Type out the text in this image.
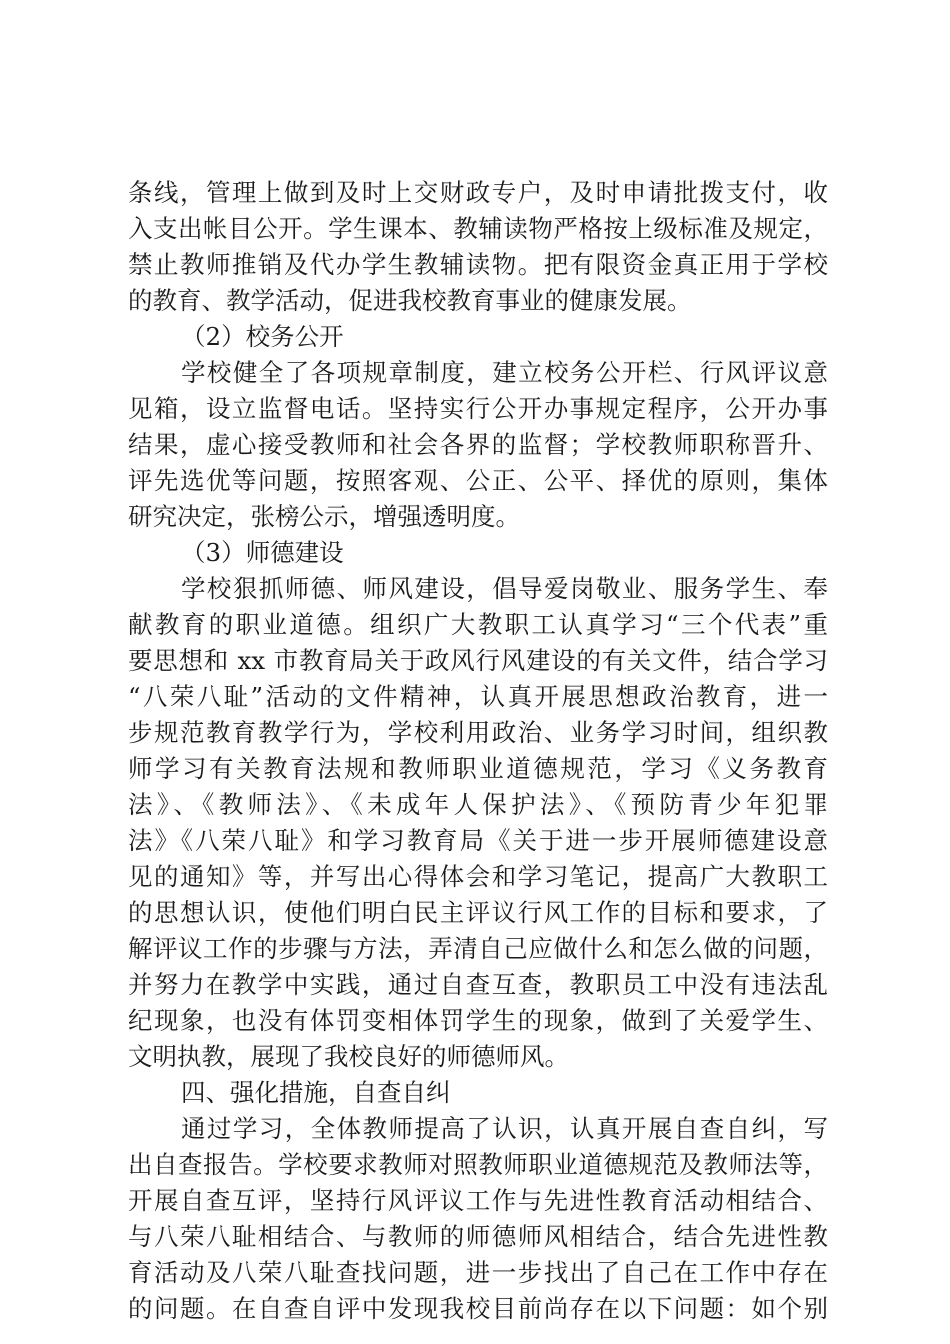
条线，管理上做到及时上交财政专户，及时申请批拨支付，收
入支出帐目公开。学生课本、教辅读物严格按上级标准及规定，
禁止教师推销及代办学生教辅读物。把有限资金真正用于学校
的教育、教学活动，促进我校教育事业的健康发展。
（2）校务公开
学校健全了各项规章制度，建立校务公开栏、行风评议意
见箱，设立监督电话。坚持实行公开办事规定程序，公开办事
结果，虚心接受教师和社会各界的监督；学校教师职称晋升、
评先选优等问题，按照客观、公正、公平、择优的原则，集体
研究决定，张榜公示，增强透明度。
（3）师德建设
学校狠抓师德、师风建设，倡导爱岗敬业、服务学生、奉
献教育的职业道德。组织广大教职工认真学习“三个代表”重
要思想和 xx 市教育局关于政风行风建设的有关文件，结合学习
“八荣八耻”活动的文件精神，认真开展思想政治教育，进一
步规范教育教学行为，学校利用政治、业务学习时间，组织教
师学习有关教育法规和教师职业道德规范，学习《义务教育
法》、《教师法》、《未成年人保护法》、《预防青少年犯罪
法》《八荣八耻》和学习教育局《关于进一步开展师德建设意
见的通知》等，并写出心得体会和学习笔记，提高广大教职工
的思想认识，使他们明白民主评议行风工作的目标和要求，了
解评议工作的步骤与方法，弄清自己应做什么和怎么做的问题，
并努力在教学中实践，通过自查互查，教职员工中没有违法乱
纪现象，也没有体罚变相体罚学生的现象，做到了关爱学生、
文明执教，展现了我校良好的师德师风。
四、强化措施，自查自纠
通过学习，全体教师提高了认识，认真开展自查自纠，写
出自查报告。学校要求教师对照教师职业道德规范及教师法等，
开展自查互评，坚持行风评议工作与先进性教育活动相结合、
与八荣八耻相结合、与教师的师德师风相结合，结合先进性教
育活动及八荣八耻查找问题，进一步找出了自己在工作中存在
的问题。在自查自评中发现我校目前尚存在以下问题：如个别
